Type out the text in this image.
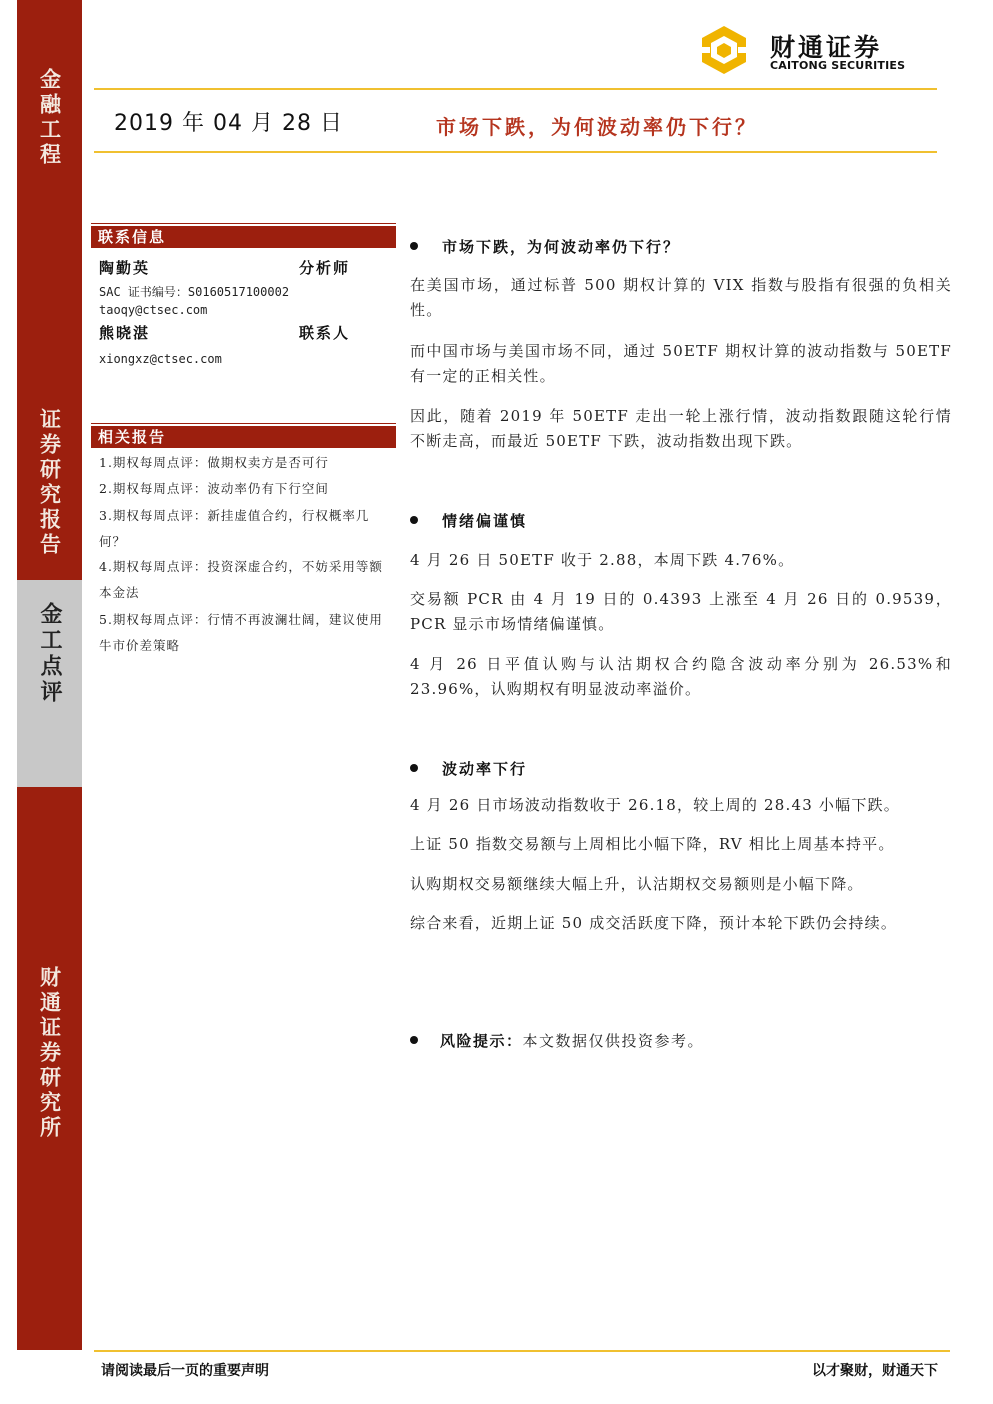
金融工程
证券研究报告
金工点评
财通证券研究所
财通证券
CAITONG SECURITIES
2019 年 04 月 28 日	市场下跌，为何波动率仍下行？
联系信息
陶勤英	分析师
SAC 证书编号：S0160517100002
taoqy@ctsec.com
熊晓湛	联系人
xiongxz@ctsec.com
相关报告
1.期权每周点评：做期权卖方是否可行
2.期权每周点评：波动率仍有下行空间
3.期权每周点评：新挂虚值合约，行权概率几何？
4.期权每周点评：投资深虚合约，不妨采用等额本金法
5.期权每周点评：行情不再波澜壮阔，建议使用牛市价差策略
市场下跌，为何波动率仍下行？
在美国市场，通过标普 500 期权计算的 VIX 指数与股指有很强的负相关性。
而中国市场与美国市场不同，通过 50ETF 期权计算的波动指数与 50ETF 有一定的正相关性。
因此，随着 2019 年 50ETF 走出一轮上涨行情，波动指数跟随这轮行情不断走高，而最近 50ETF 下跌，波动指数出现下跌。
情绪偏谨慎
4 月 26 日 50ETF 收于 2.88，本周下跌 4.76%。
交易额 PCR 由 4 月 19 日的 0.4393 上涨至 4 月 26 日的 0.9539，PCR 显示市场情绪偏谨慎。
4 月 26 日平值认购与认沽期权合约隐含波动率分别为 26.53%和 23.96%，认购期权有明显波动率溢价。
波动率下行
4 月 26 日市场波动指数收于 26.18，较上周的 28.43 小幅下跌。
上证 50 指数交易额与上周相比小幅下降，RV 相比上周基本持平。
认购期权交易额继续大幅上升，认沽期权交易额则是小幅下降。
综合来看，近期上证 50 成交活跃度下降，预计本轮下跌仍会持续。
风险提示：本文数据仅供投资参考。
请阅读最后一页的重要声明	以才聚财，财通天下
